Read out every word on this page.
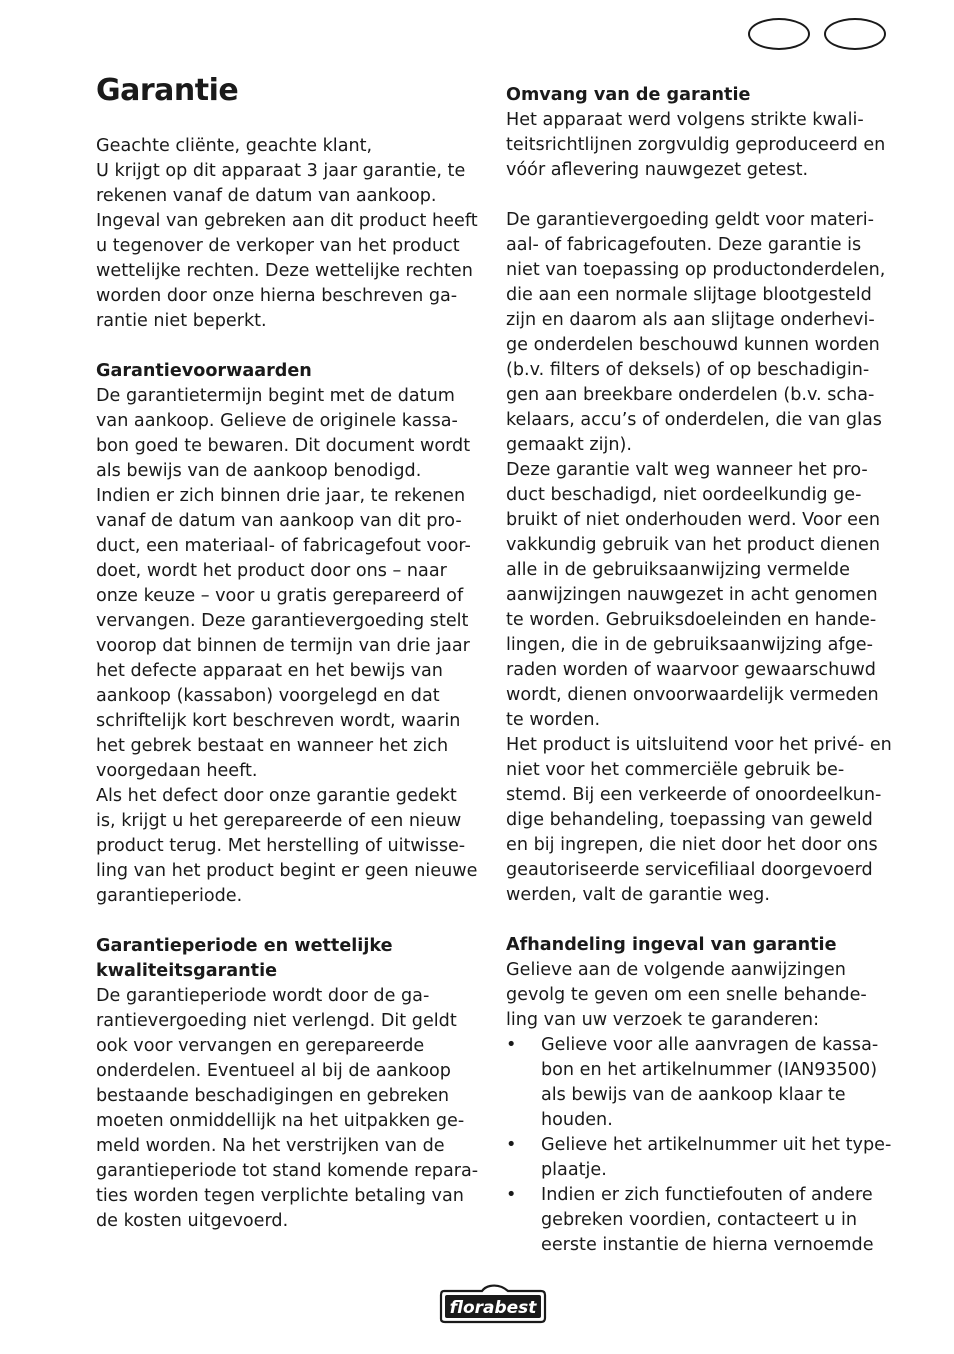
Garantie
Geachte cliënte, geachte klant,
U krijgt op dit apparaat 3 jaar garantie, te
rekenen vanaf de datum van aankoop.
Ingeval van gebreken aan dit product heeft
u tegenover de verkoper van het product
wettelijke rechten. Deze wettelijke rechten
worden door onze hierna beschreven ga-
rantie niet beperkt.
Garantievoorwaarden
De garantietermijn begint met de datum
van aankoop. Gelieve de originele kassa-
bon goed te bewaren. Dit document wordt
als bewijs van de aankoop benodigd.
Indien er zich binnen drie jaar, te rekenen
vanaf de datum van aankoop van dit pro-
duct, een materiaal- of fabricagefout voor-
doet, wordt het product door ons – naar
onze keuze – voor u gratis gerepareerd of
vervangen. Deze garantievergoeding stelt
voorop dat binnen de termijn van drie jaar
het defecte apparaat en het bewijs van
aankoop (kassabon) voorgelegd en dat
schriftelijk kort beschreven wordt, waarin
het gebrek bestaat en wanneer het zich
voorgedaan heeft.
Als het defect door onze garantie gedekt
is, krijgt u het gerepareerde of een nieuw
product terug. Met herstelling of uitwisse-
ling van het product begint er geen nieuwe
garantieperiode.
Garantieperiode en wettelijke
kwaliteitsgarantie
De garantieperiode wordt door de ga-
rantievergoeding niet verlengd. Dit geldt
ook voor vervangen en gerepareerde
onderdelen. Eventueel al bij de aankoop
bestaande beschadigingen en gebreken
moeten onmiddellijk na het uitpakken ge-
meld worden. Na het verstrijken van de
garantieperiode tot stand komende repara-
ties worden tegen verplichte betaling van
de kosten uitgevoerd.
Omvang van de garantie
Het apparaat werd volgens strikte kwali-
teitsrichtlijnen zorgvuldig geproduceerd en
vóór aflevering nauwgezet getest.
De garantievergoeding geldt voor materi-
aal- of fabricagefouten. Deze garantie is
niet van toepassing op productonderdelen,
die aan een normale slijtage blootgesteld
zijn en daarom als aan slijtage onderhevi-
ge onderdelen beschouwd kunnen worden
(b.v. filters of deksels) of op beschadigin-
gen aan breekbare onderdelen (b.v. scha-
kelaars, accu’s of onderdelen, die van glas
gemaakt zijn).
Deze garantie valt weg wanneer het pro-
duct beschadigd, niet oordeelkundig ge-
bruikt of niet onderhouden werd. Voor een
vakkundig gebruik van het product dienen
alle in de gebruiksaanwijzing vermelde
aanwijzingen nauwgezet in acht genomen
te worden. Gebruiksdoeleinden en hande-
lingen, die in de gebruiksaanwijzing afge-
raden worden of waarvoor gewaarschuwd
wordt, dienen onvoorwaardelijk vermeden
te worden.
Het product is uitsluitend voor het privé- en
niet voor het commerciële gebruik be-
stemd. Bij een verkeerde of onoordeelkun-
dige behandeling, toepassing van geweld
en bij ingrepen, die niet door het door ons
geautoriseerde servicefiliaal doorgevoerd
werden, valt de garantie weg.
Afhandeling ingeval van garantie
Gelieve aan de volgende aanwijzingen
gevolg te geven om een snelle behande-
ling van uw verzoek te garanderen:
•	Gelieve voor alle aanvragen de kassa-
bon en het artikelnummer (IAN93500)
als bewijs van de aankoop klaar te
houden.
•	Gelieve het artikelnummer uit het type-
plaatje.
•	Indien er zich functiefouten of andere
gebreken voordien, contacteert u in
eerste instantie de hierna vernoemde
florabest
